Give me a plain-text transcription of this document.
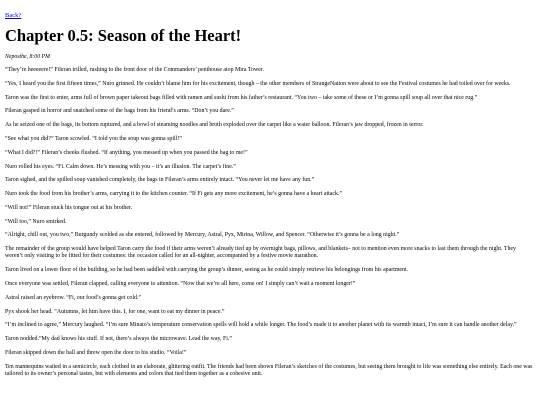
Back?
Chapter 0.5: Season of the Heart!

Neposthe, 8:00 PM

“They’re heeeeere!” Fileran trilled, rushing to the front door of the Commanders’ penthouse atop Mira Tower.

“Yes, I heard you the first fifteen times,” Nuro grinned. He couldn’t blame him for his excitement, though – the other members of StrangeNation were about to see the Festival costumes he had toiled over for weeks.

Taron was the first to enter, arms full of brown paper takeout bags filled with ramen and sushi from his father’s restaurant. “You two – take some of these or I’m gonna spill soup all over that nice rug.”

Fileran gasped in horror and snatched some of the bags from his friend’s arms. “Don’t you dare.”

As he seized one of the bags, its bottom ruptured, and a bowl of steaming noodles and broth exploded over the carpet like a water balloon. Fileran’s jaw dropped, frozen in terror.

“See what you did?” Taron scowled. “I told you the soup was gonna spill!”

“What I did?!” Fileran’s cheeks flushed. “If anything, you messed up when you passed the bag to me!”

Nuro rolled his eyes. “Fi. Calm down. He’s messing with you – it’s an illusion. The carpet’s fine.”

Taron sighed, and the spilled soup vanished completely, the bags in Fileran’s arms entirely intact. “You never let me have any fun.”

Nuro took the food from his brother’s arms, carrying it to the kitchen counter. “If Fi gets any more excitement, he’s gonna have a heart attack.”

“Will not!” Fileran stuck his tongue out at his brother.

“Will too,” Nuro smirked.

“Alright, chill out, you two,” Burgundy scolded as she entered, followed by Mercury, Astral, Pyx, Mirina, Willow, and Spencer. “Otherwise it’s gonna be a long night.”

The remainder of the group would have helped Taron carry the food if their arms weren’t already tied up by overnight bags, pillows, and blankets– not to mention even more snacks to last them through the night. They weren’t only visiting to be fitted for their costumes: the occasion called for an all-nighter, accompanied by a festive movie marathon.

Taron lived on a lower floor of the building, so he had been saddled with carrying the group’s dinner, seeing as he could simply retrieve his belongings from his apartment.

Once everyone was settled, Fileran clapped, calling everyone to attention. “Now that we’re all here, come on! I simply can’t wait a moment longer!”

Astral raised an eyebrow. “Fi, our food’s gonna get cold.”

Pyx shook her head. “Autumns, let him have this. I, for one, want to eat my dinner in peace.”

“I’m inclined to agree,” Mercury laughed. “I’m sure Minato’s temperature conservation spells will hold a while longer. The food’s made it to another planet with its warmth intact, I’m sure it can handle another delay.”

Taron nodded.“My dad knows his stuff. If not, there’s always the microwave. Lead the way, Fi.”

Fileran skipped down the hall and threw open the door to his studio. “Voila!”

Ten mannequins waited in a semicircle, each clothed in an elaborate, glittering outfit. The friends had been shown Fileran’s sketches of the costumes, but seeing them brought to life was something else entirely. Each one was tailored to its owner’s personal tastes, but with elements and colors that tied them together as a cohesive unit.
